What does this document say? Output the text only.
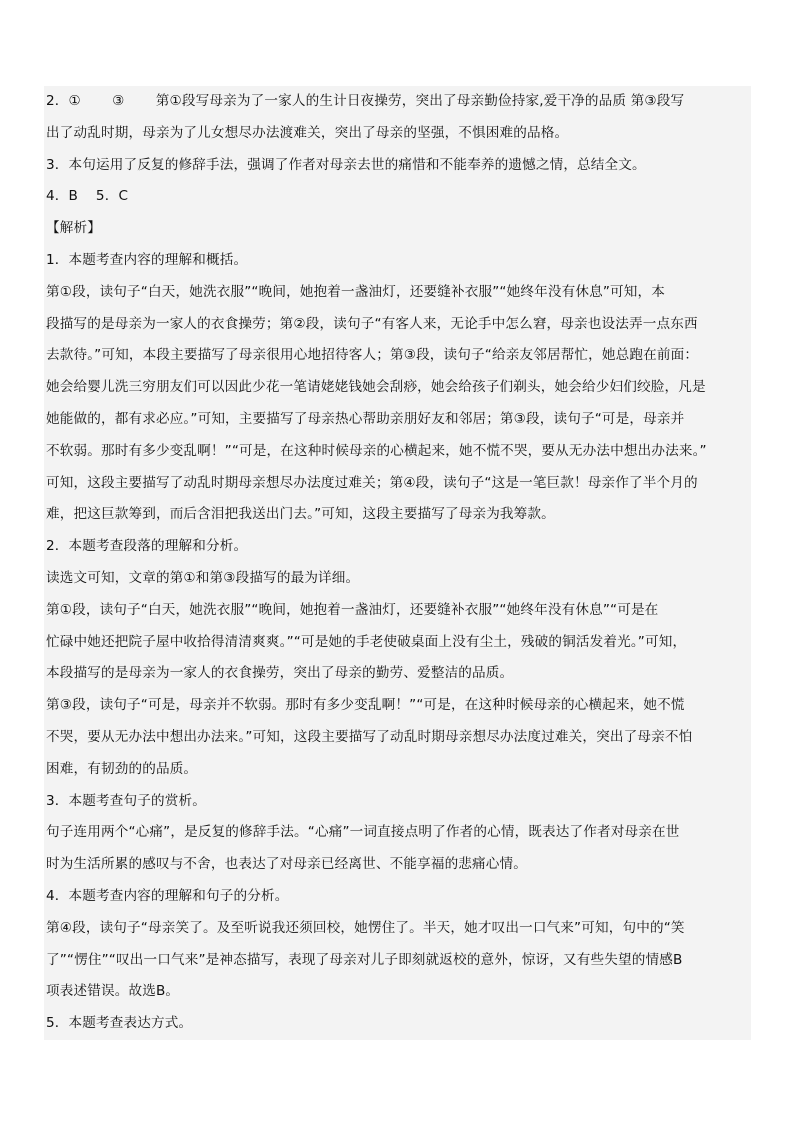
2．①       ③       第①段写母亲为了一家人的生计日夜操劳，突出了母亲勤俭持家,爱干净的品质 第③段写
出了动乱时期，母亲为了儿女想尽办法渡难关，突出了母亲的坚强，不惧困难的品格。
3．本句运用了反复的修辞手法，强调了作者对母亲去世的痛惜和不能奉养的遗憾之情，总结全文。
4．B    5．C
【解析】
1．本题考查内容的理解和概括。
第①段，读句子“白天，她洗衣服”“晚间，她抱着一盏油灯，还要缝补衣服”“她终年没有休息”可知，本
段描写的是母亲为一家人的衣食操劳；第②段，读句子“有客人来，无论手中怎么窘，母亲也设法弄一点东西
去款待。”可知，本段主要描写了母亲很用心地招待客人；第③段，读句子“给亲友邻居帮忙，她总跑在前面：
她会给婴儿洗三穷朋友们可以因此少花一笔请姥姥钱她会刮痧，她会给孩子们剃头，她会给少妇们绞脸，凡是
她能做的，都有求必应。”可知，主要描写了母亲热心帮助亲朋好友和邻居；第③段，读句子“可是，母亲并
不软弱。那时有多少变乱啊！”“可是，在这种时候母亲的心横起来，她不慌不哭，要从无办法中想出办法来。”
可知，这段主要描写了动乱时期母亲想尽办法度过难关；第④段，读句子“这是一笔巨款！母亲作了半个月的
难，把这巨款筹到，而后含泪把我送出门去。”可知，这段主要描写了母亲为我筹款。
2．本题考查段落的理解和分析。
读选文可知，文章的第①和第③段描写的最为详细。
第①段，读句子“白天，她洗衣服”“晚间，她抱着一盏油灯，还要缝补衣服”“她终年没有休息”“可是在
忙碌中她还把院子屋中收拾得清清爽爽。”“可是她的手老使破桌面上没有尘土，残破的铜活发着光。”可知，
本段描写的是母亲为一家人的衣食操劳，突出了母亲的勤劳、爱整洁的品质。
第③段，读句子“可是，母亲并不软弱。那时有多少变乱啊！”“可是，在这种时候母亲的心横起来，她不慌
不哭，要从无办法中想出办法来。”可知，这段主要描写了动乱时期母亲想尽办法度过难关，突出了母亲不怕
困难，有韧劲的的品质。
3．本题考查句子的赏析。
句子连用两个“心痛”，是反复的修辞手法。“心痛”一词直接点明了作者的心情，既表达了作者对母亲在世
时为生活所累的感叹与不舍，也表达了对母亲已经离世、不能享福的悲痛心情。
4．本题考查内容的理解和句子的分析。
第④段，读句子“母亲笑了。及至听说我还须回校，她愣住了。半天，她才叹出一口气来”可知，句中的“笑
了”“愣住”“叹出一口气来”是神态描写，表现了母亲对儿子即刻就返校的意外，惊讶，又有些失望的情感B
项表述错误。故选B。
5．本题考查表达方式。
